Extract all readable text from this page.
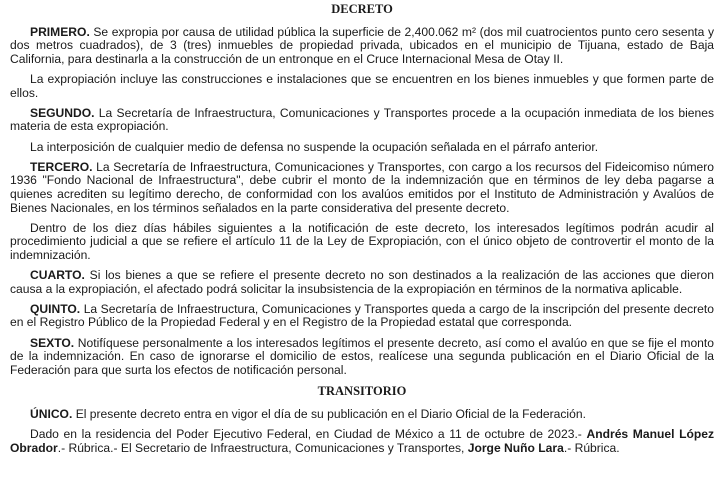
DECRETO

PRIMERO. Se expropia por causa de utilidad pública la superficie de 2,400.062 m² (dos mil cuatrocientos punto cero sesenta y dos metros cuadrados), de 3 (tres) inmuebles de propiedad privada, ubicados en el municipio de Tijuana, estado de Baja California, para destinarla a la construcción de un entronque en el Cruce Internacional Mesa de Otay II.

La expropiación incluye las construcciones e instalaciones que se encuentren en los bienes inmuebles y que formen parte de ellos.

SEGUNDO. La Secretaría de Infraestructura, Comunicaciones y Transportes procede a la ocupación inmediata de los bienes materia de esta expropiación.

La interposición de cualquier medio de defensa no suspende la ocupación señalada en el párrafo anterior.

TERCERO. La Secretaría de Infraestructura, Comunicaciones y Transportes, con cargo a los recursos del Fideicomiso número 1936 "Fondo Nacional de Infraestructura", debe cubrir el monto de la indemnización que en términos de ley deba pagarse a quienes acrediten su legítimo derecho, de conformidad con los avalúos emitidos por el Instituto de Administración y Avalúos de Bienes Nacionales, en los términos señalados en la parte considerativa del presente decreto.

Dentro de los diez días hábiles siguientes a la notificación de este decreto, los interesados legítimos podrán acudir al procedimiento judicial a que se refiere el artículo 11 de la Ley de Expropiación, con el único objeto de controvertir el monto de la indemnización.

CUARTO. Si los bienes a que se refiere el presente decreto no son destinados a la realización de las acciones que dieron causa a la expropiación, el afectado podrá solicitar la insubsistencia de la expropiación en términos de la normativa aplicable.

QUINTO. La Secretaría de Infraestructura, Comunicaciones y Transportes queda a cargo de la inscripción del presente decreto en el Registro Público de la Propiedad Federal y en el Registro de la Propiedad estatal que corresponda.

SEXTO. Notifíquese personalmente a los interesados legítimos el presente decreto, así como el avalúo en que se fije el monto de la indemnización. En caso de ignorarse el domicilio de estos, realícese una segunda publicación en el Diario Oficial de la Federación para que surta los efectos de notificación personal.

TRANSITORIO

ÚNICO. El presente decreto entra en vigor el día de su publicación en el Diario Oficial de la Federación.

Dado en la residencia del Poder Ejecutivo Federal, en Ciudad de México a 11 de octubre de 2023.- Andrés Manuel López Obrador.- Rúbrica.- El Secretario de Infraestructura, Comunicaciones y Transportes, Jorge Nuño Lara.- Rúbrica.
